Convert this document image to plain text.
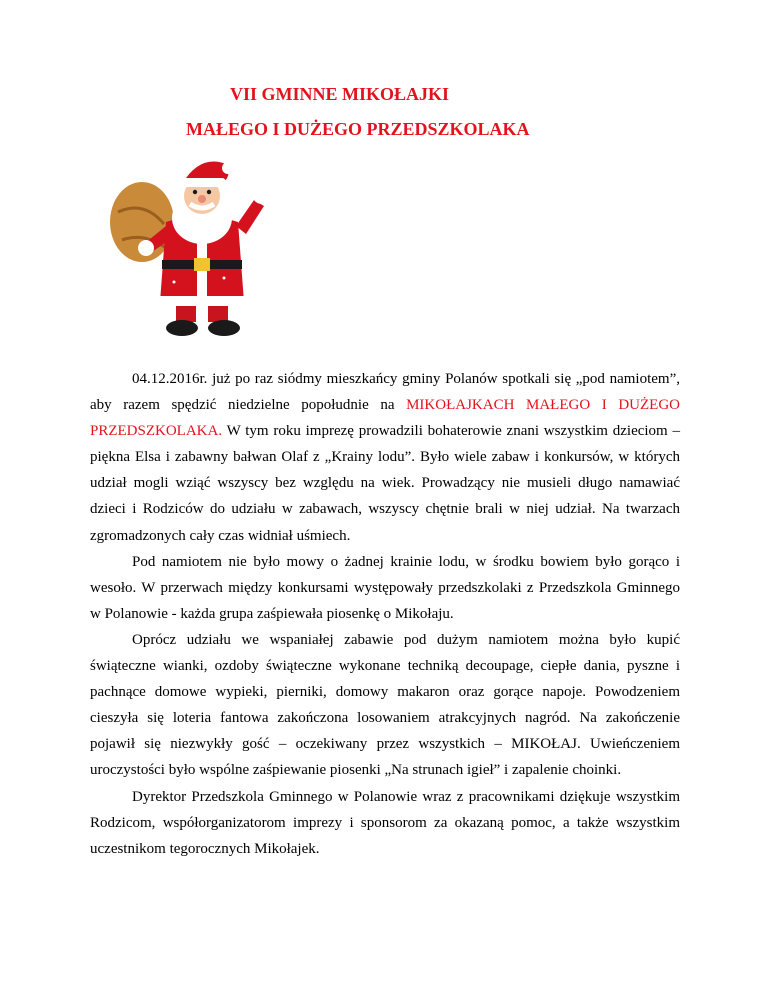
VII GMINNE MIKOŁAJKI
MAŁEGO I DUŻEGO PRZEDSZKOLAKA

04.12.2016r. już po raz siódmy mieszkańcy gminy Polanów spotkali się „pod namiotem”, aby razem spędzić niedzielne popołudnie na MIKOŁAJKACH MAŁEGO I DUŻEGO PRZEDSZKOLAKA. W tym roku imprezę prowadzili bohaterowie znani wszystkim dzieciom – piękna Elsa i zabawny bałwan Olaf z „Krainy lodu”. Było wiele zabaw i konkursów, w których udział mogli wziąć wszyscy bez względu na wiek. Prowadzący nie musieli długo namawiać dzieci i Rodziców do udziału w zabawach, wszyscy chętnie brali w niej udział. Na twarzach zgromadzonych cały czas widniał uśmiech.

Pod namiotem nie było mowy o żadnej krainie lodu, w środku bowiem było gorąco i wesoło. W przerwach między konkursami występowały przedszkolaki z Przedszkola Gminnego w Polanowie - każda grupa zaśpiewała piosenkę o Mikołaju.

Oprócz udziału we wspaniałej zabawie pod dużym namiotem można było kupić świąteczne wianki, ozdoby świąteczne wykonane techniką decoupage, ciepłe dania, pyszne i pachnące domowe wypieki, pierniki, domowy makaron oraz gorące napoje. Powodzeniem cieszyła się loteria fantowa zakończona losowaniem atrakcyjnych nagród. Na zakończenie pojawił się niezwykły gość – oczekiwany przez wszystkich – MIKOŁAJ. Uwieńczeniem uroczystości było wspólne zaśpiewanie piosenki „Na strunach igieł” i zapalenie choinki.

Dyrektor Przedszkola Gminnego w Polanowie wraz z pracownikami dziękuje wszystkim Rodzicom, współorganizatorom imprezy i sponsorom za okazaną pomoc, a także wszystkim uczestnikom tegorocznych Mikołajek.
